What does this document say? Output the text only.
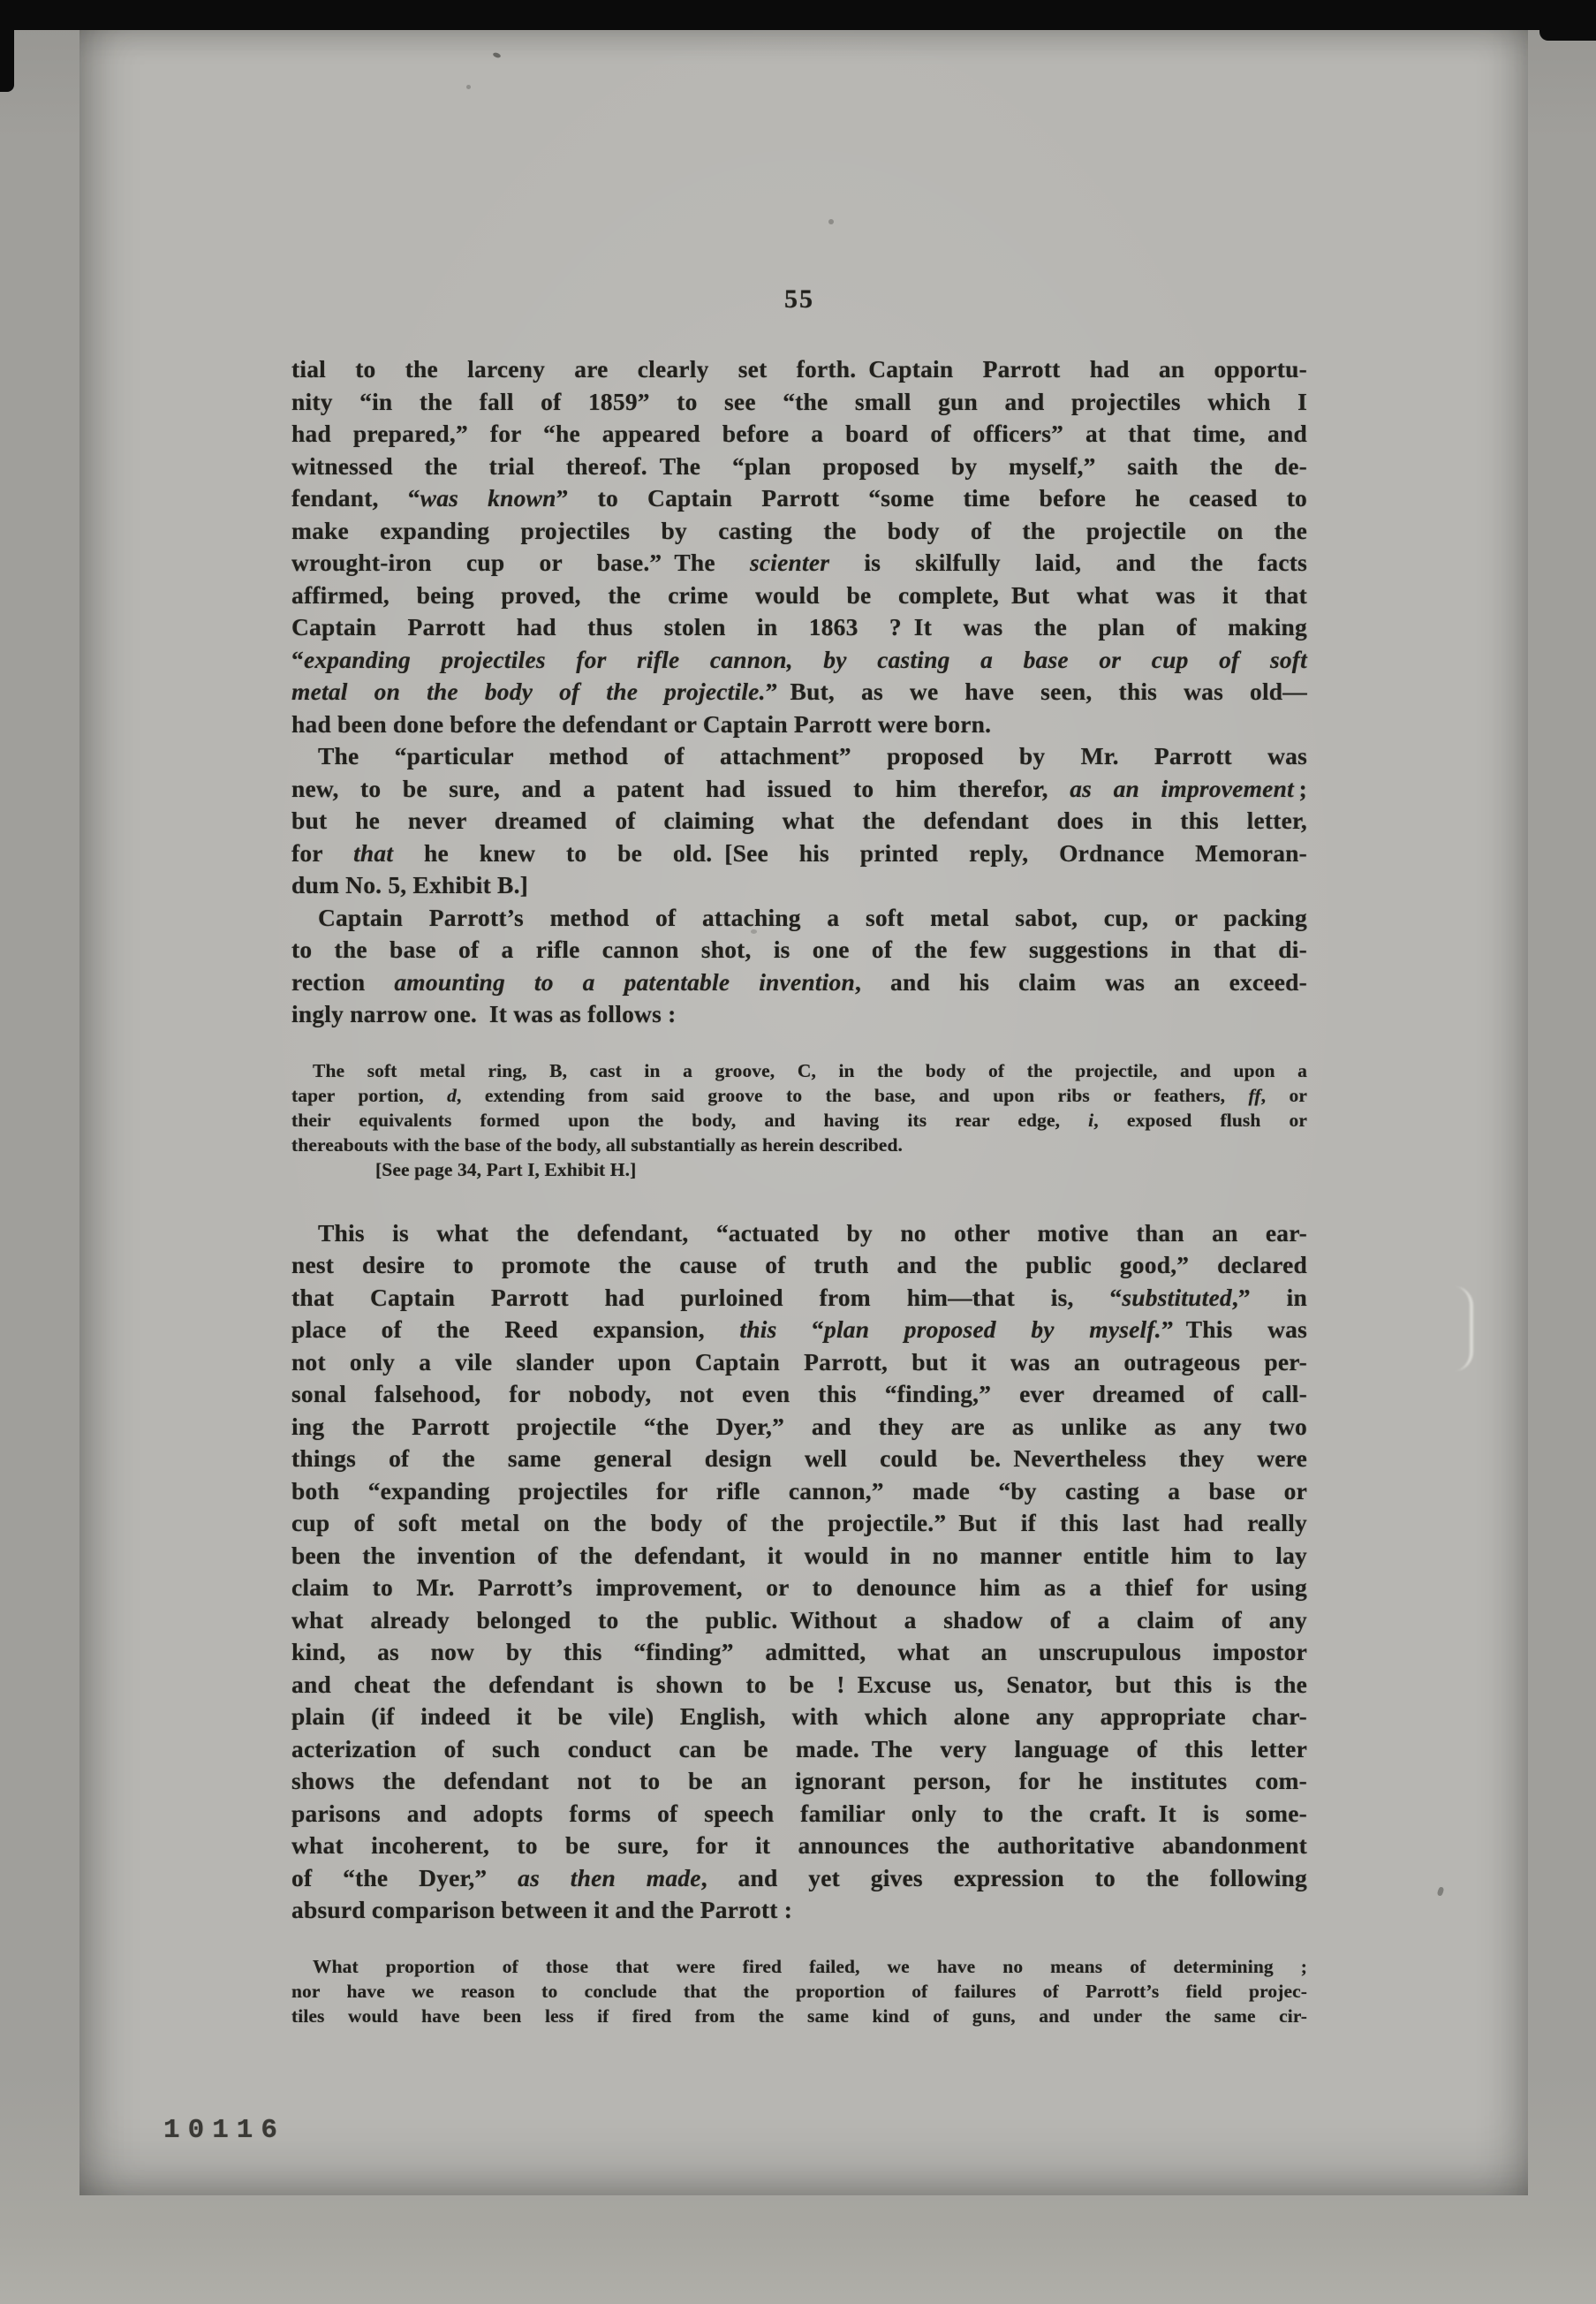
55
tial to the larceny are clearly set forth. Captain Parrott had an opportu-
nity “in the fall of 1859” to see “the small gun and projectiles which I
had prepared,” for “he appeared before a board of officers” at that time, and
witnessed the trial thereof. The “plan proposed by myself,” saith the de-
fendant, “was known” to Captain Parrott “some time before he ceased to
make expanding projectiles by casting the body of the projectile on the
wrought-iron cup or base.” The scienter is skilfully laid, and the facts
affirmed, being proved, the crime would be complete, But what was it that
Captain Parrott had thus stolen in 1863 ? It was the plan of making
“expanding projectiles for rifle cannon, by casting a base or cup of soft
metal on the body of the projectile.” But, as we have seen, this was old—
had been done before the defendant or Captain Parrott were born.
The “particular method of attachment” proposed by Mr. Parrott was
new, to be sure, and a patent had issued to him therefor, as an improvement ;
but he never dreamed of claiming what the defendant does in this letter,
for that he knew to be old. [See his printed reply, Ordnance Memoran-
dum No. 5, Exhibit B.]
Captain Parrott’s method of attaching a soft metal sabot, cup, or packing
to the base of a rifle cannon shot, is one of the few suggestions in that di-
rection amounting to a patentable invention, and his claim was an exceed-
ingly narrow one. It was as follows :
The soft metal ring, B, cast in a groove, C, in the body of the projectile, and upon a
taper portion, d, extending from said groove to the base, and upon ribs or feathers, ff, or
their equivalents formed upon the body, and having its rear edge, i, exposed flush or
thereabouts with the base of the body, all substantially as herein described.
[See page 34, Part I, Exhibit H.]
This is what the defendant, “actuated by no other motive than an ear-
nest desire to promote the cause of truth and the public good,” declared
that Captain Parrott had purloined from him—that is, “substituted,” in
place of the Reed expansion, this “plan proposed by myself.” This was
not only a vile slander upon Captain Parrott, but it was an outrageous per-
sonal falsehood, for nobody, not even this “finding,” ever dreamed of call-
ing the Parrott projectile “the Dyer,” and they are as unlike as any two
things of the same general design well could be. Nevertheless they were
both “expanding projectiles for rifle cannon,” made “by casting a base or
cup of soft metal on the body of the projectile.” But if this last had really
been the invention of the defendant, it would in no manner entitle him to lay
claim to Mr. Parrott’s improvement, or to denounce him as a thief for using
what already belonged to the public. Without a shadow of a claim of any
kind, as now by this “finding” admitted, what an unscrupulous impostor
and cheat the defendant is shown to be ! Excuse us, Senator, but this is the
plain (if indeed it be vile) English, with which alone any appropriate char-
acterization of such conduct can be made. The very language of this letter
shows the defendant not to be an ignorant person, for he institutes com-
parisons and adopts forms of speech familiar only to the craft. It is some-
what incoherent, to be sure, for it announces the authoritative abandonment
of “the Dyer,” as then made, and yet gives expression to the following
absurd comparison between it and the Parrott :
What proportion of those that were fired failed, we have no means of determining ;
nor have we reason to conclude that the proportion of failures of Parrott’s field projec-
tiles would have been less if fired from the same kind of guns, and under the same cir-
10116
